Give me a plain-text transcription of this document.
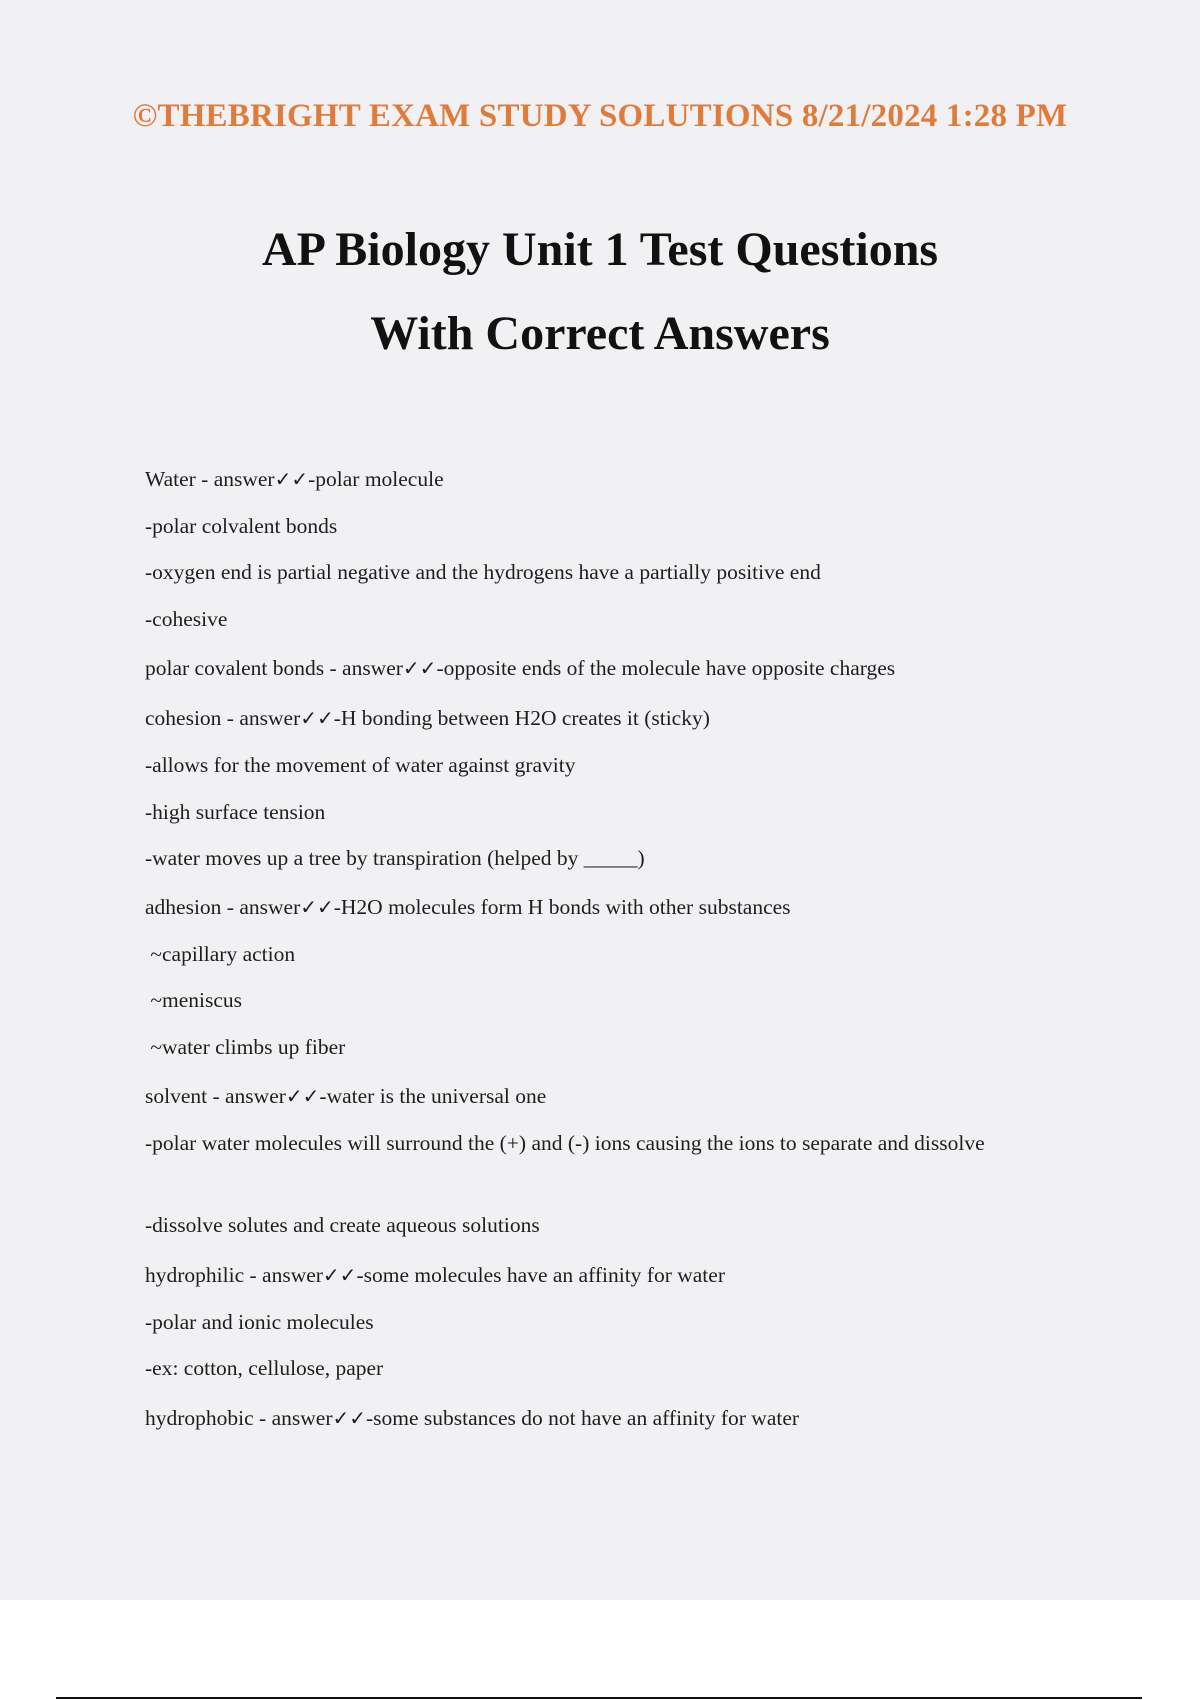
©THEBRIGHT EXAM STUDY SOLUTIONS 8/21/2024 1:28 PM
AP Biology Unit 1 Test Questions
With Correct Answers
Water - answer✓✓-polar molecule
-polar colvalent bonds
-oxygen end is partial negative and the hydrogens have a partially positive end
-cohesive
polar covalent bonds - answer✓✓-opposite ends of the molecule have opposite charges
cohesion - answer✓✓-H bonding between H2O creates it (sticky)
-allows for the movement of water against gravity
-high surface tension
-water moves up a tree by transpiration (helped by _____)
adhesion - answer✓✓-H2O molecules form H bonds with other substances
~capillary action
~meniscus
~water climbs up fiber
solvent - answer✓✓-water is the universal one
-polar water molecules will surround the (+) and (-) ions causing the ions to separate and dissolve
-dissolve solutes and create aqueous solutions
hydrophilic - answer✓✓-some molecules have an affinity for water
-polar and ionic molecules
-ex: cotton, cellulose, paper
hydrophobic - answer✓✓-some substances do not have an affinity for water
